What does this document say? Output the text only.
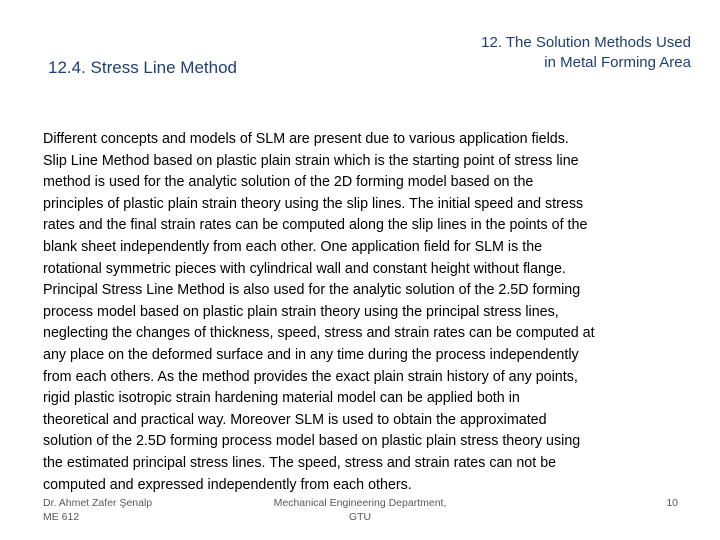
12.4. Stress Line Method
12. The Solution Methods Used
in Metal Forming Area
Different concepts and models of SLM are present due to various application fields.
Slip Line Method based on plastic plain strain which is the starting point of stress line
method is used for the analytic solution of the 2D forming model based on the
principles of plastic plain strain theory using the slip lines. The initial speed and stress
rates and the final strain rates can be computed along the slip lines in the points of the
blank sheet independently from each other. One application field for SLM is the
rotational symmetric pieces with cylindrical wall and constant height without flange.
Principal Stress Line Method is also used for the analytic solution of the 2.5D forming
process model based on plastic plain strain theory using the principal stress lines,
neglecting the changes of thickness, speed, stress and strain rates can be computed at
any place on the deformed surface and in any time during the process independently
from each others. As the method provides the exact plain strain history of any points,
rigid plastic isotropic strain hardening material model can be applied both in
theoretical and practical way. Moreover SLM is used to obtain the approximated
solution of the 2.5D forming process model based on plastic plain stress theory using
the estimated principal stress lines. The speed, stress and strain rates can not be
computed and expressed independently from each others.
Dr. Ahmet Zafer Şenalp
ME 612
Mechanical Engineering Department,
GTU
10
